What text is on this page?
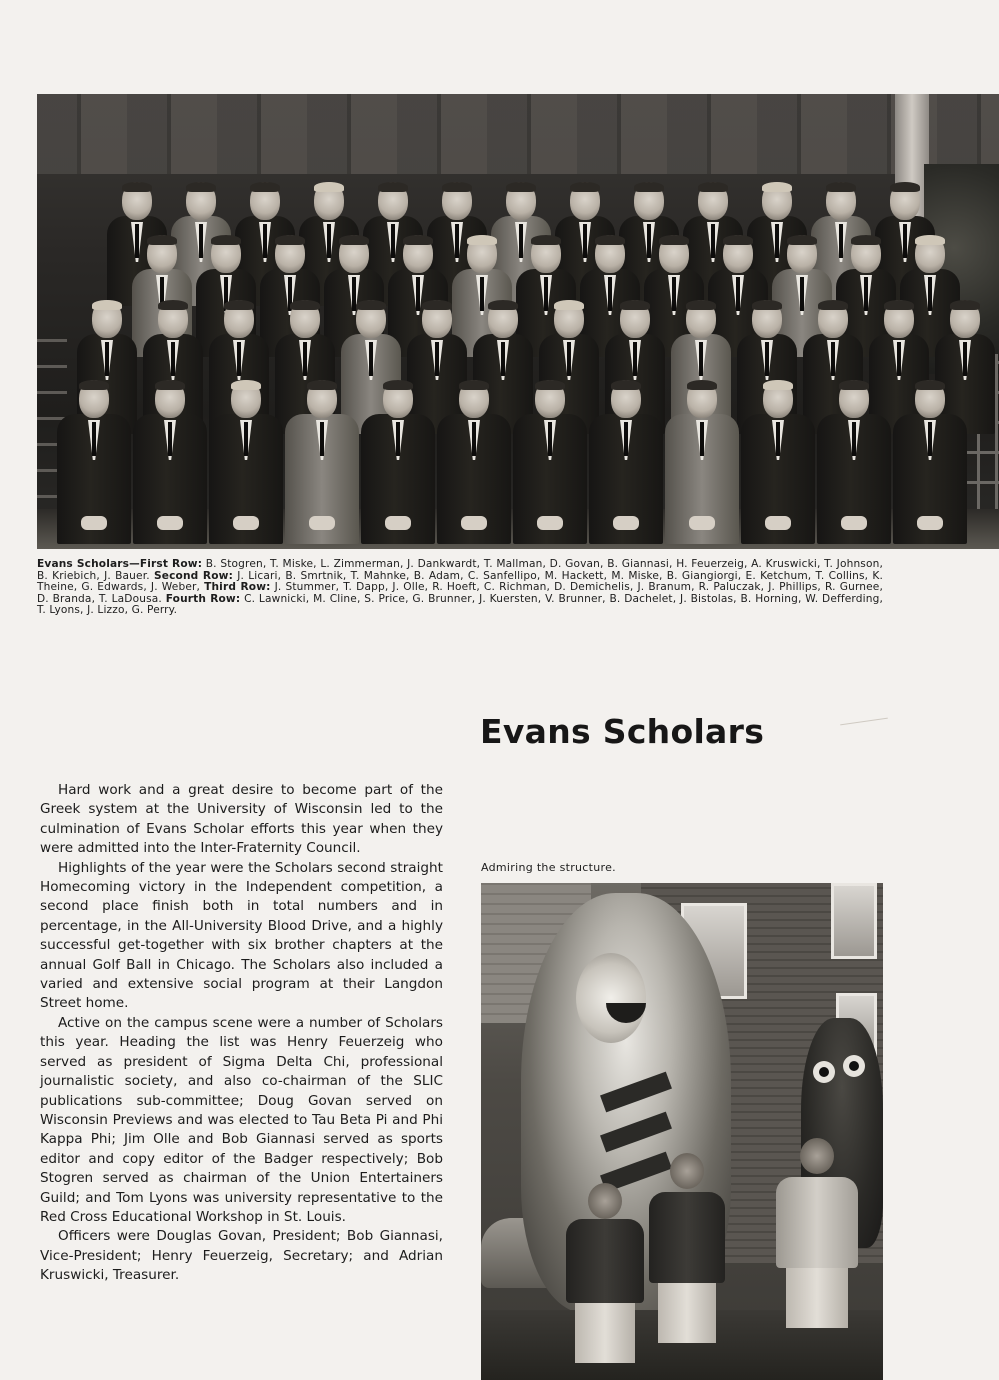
Evans Scholars—First Row: B. Stogren, T. Miske, L. Zimmerman, J. Dankwardt, T. Mallman, D. Govan, B. Giannasi, H. Feuerzeig, A. Kruswicki, T. Johnson, B. Kriebich, J. Bauer. Second Row: J. Licari, B. Smrtnik, T. Mahnke, B. Adam, C. Sanfellipo, M. Hackett, M. Miske, B. Giangiorgi, E. Ketchum, T. Collins, K. Theine, G. Edwards, J. Weber, Third Row: J. Stummer, T. Dapp, J. Olle, R. Hoeft, C. Richman, D. Demichelis, J. Branum, R. Paluczak, J. Phillips, R. Gurnee, D. Branda, T. LaDousa. Fourth Row: C. Lawnicki, M. Cline, S. Price, G. Brunner, J. Kuersten, V. Brunner, B. Dachelet, J. Bistolas, B. Horning, W. Defferding, T. Lyons, J. Lizzo, G. Perry.
Evans Scholars

Hard work and a great desire to become part of the Greek system at the University of Wisconsin led to the culmination of Evans Scholar efforts this year when they were admitted into the Inter-Fraternity Council.

Highlights of the year were the Scholars second straight Homecoming victory in the Independent competition, a second place finish both in total numbers and in percentage, in the All-University Blood Drive, and a highly successful get-together with six brother chapters at the annual Golf Ball in Chicago. The Scholars also included a varied and extensive social program at their Langdon Street home.

Active on the campus scene were a number of Scholars this year. Heading the list was Henry Feuerzeig who served as president of Sigma Delta Chi, professional journalistic society, and also co-chairman of the SLIC publications sub-committee; Doug Govan served on Wisconsin Previews and was elected to Tau Beta Pi and Phi Kappa Phi; Jim Olle and Bob Giannasi served as sports editor and copy editor of the Badger respectively; Bob Stogren served as chairman of the Union Entertainers Guild; and Tom Lyons was university representative to the Red Cross Educational Workshop in St. Louis.

Officers were Douglas Govan, President; Bob Giannasi, Vice-President; Henry Feuerzeig, Secretary; and Adrian Kruswicki, Treasurer.

Admiring the structure.
